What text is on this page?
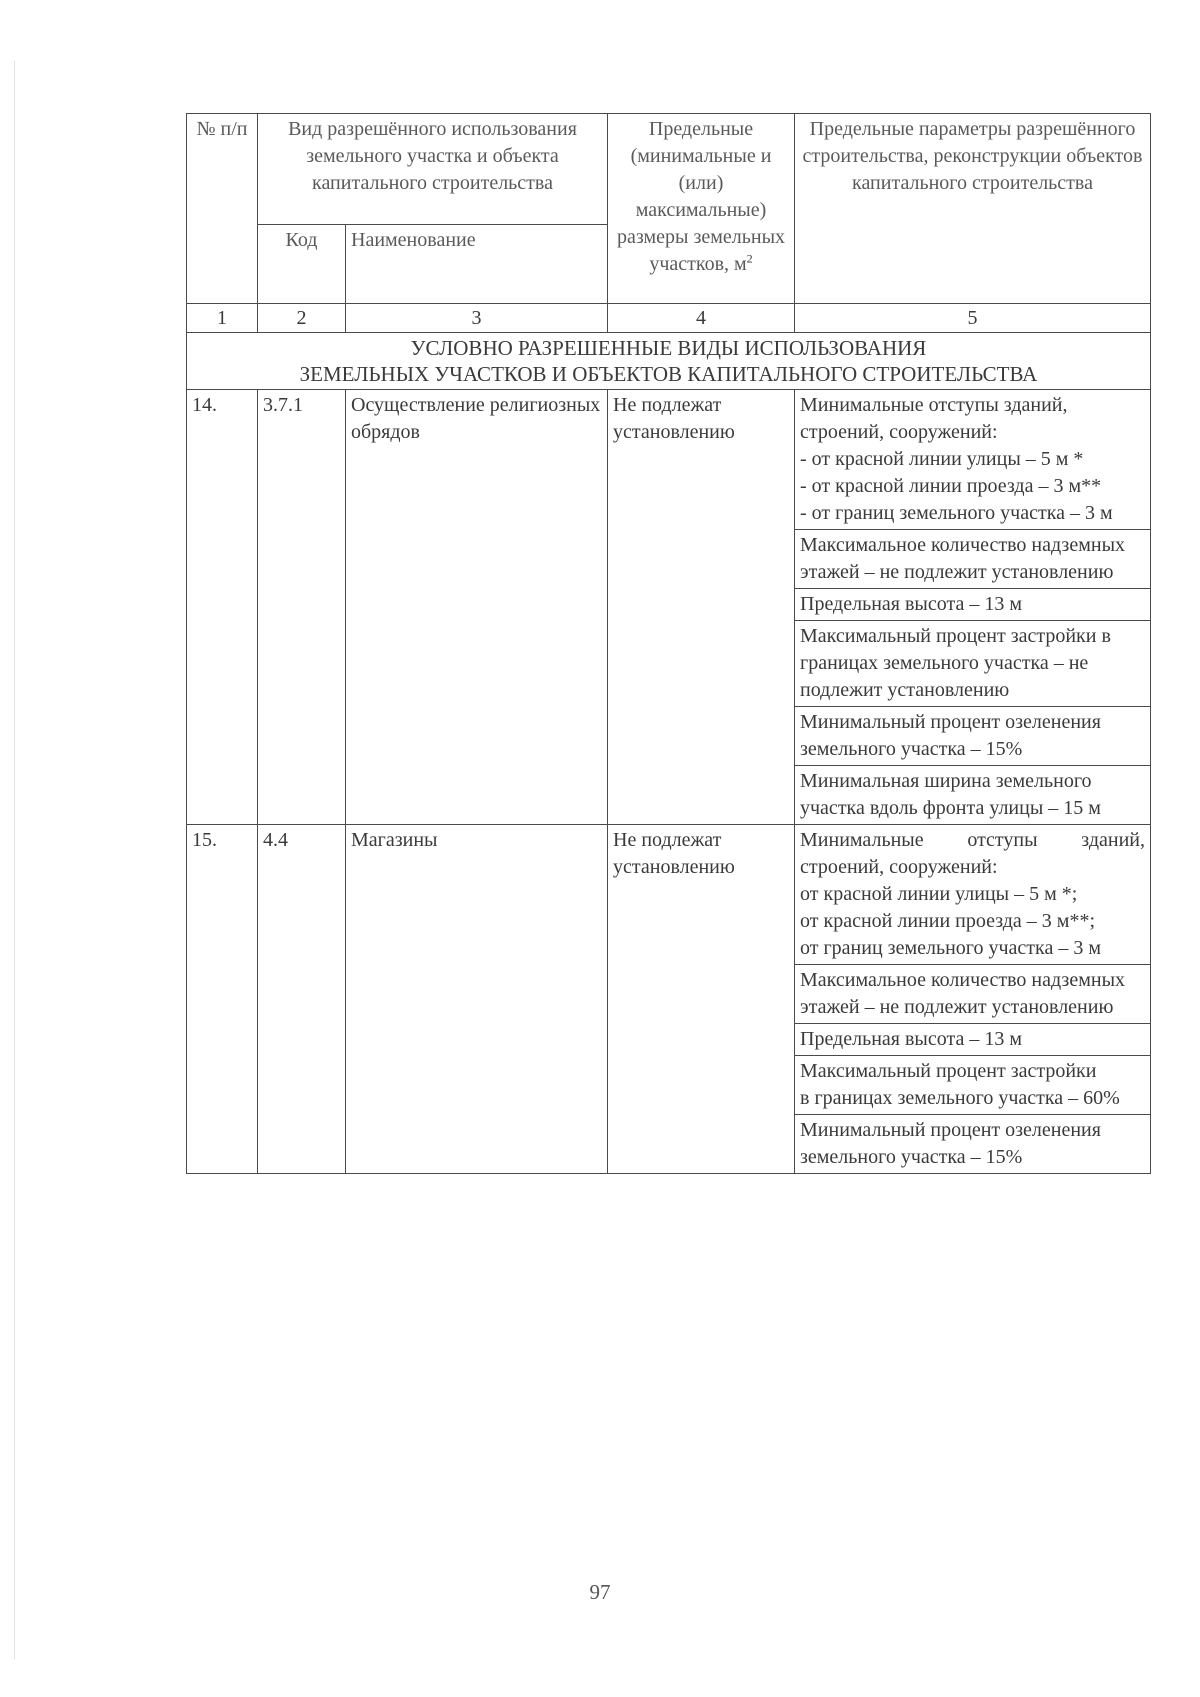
№ п/п	Вид разрешённого использования земельного участка и объекта капитального строительства		Предельные (минимальные и (или) максимальные) размеры земельных участков, $м^2$	Предельные параметры разрешённого строительства, реконструкции объектов капитального строительства
	Код	Наименование		
1	2	3	4	5
УСЛОВНО РАЗРЕШЕННЫЕ ВИДЫ ИСПОЛЬЗОВАНИЯ
ЗЕМЕЛЬНЫХ УЧАСТКОВ И ОБЪЕКТОВ КАПИТАЛЬНОГО СТРОИТЕЛЬСТВА				
14.	3.7.1	Осуществление религиозных обрядов	Не подлежат установлению	Минимальные отступы зданий, строений, сооружений:
- от красной линии улицы – 5 м *
- от красной линии проезда – 3 м**
- от границ земельного участка – 3 м
				Максимальное количество надземных этажей – не подлежит установлению
				Предельная высота – 13 м
				Максимальный процент застройки в границах земельного участка – не подлежит установлению
				Минимальный процент озеленения земельного участка – 15%
				Минимальная ширина земельного участка вдоль фронта улицы – 15 м
15.	4.4	Магазины	Не подлежат установлению	Минимальные отступы зданий, строений, сооружений:
от красной линии улицы – 5 м *;
от красной линии проезда – 3 м**;
от границ земельного участка – 3 м
				Максимальное количество надземных этажей – не подлежит установлению
				Предельная высота – 13 м
				Максимальный процент застройки
в границах земельного участка – 60%
				Минимальный процент озеленения земельного участка – 15%
97
